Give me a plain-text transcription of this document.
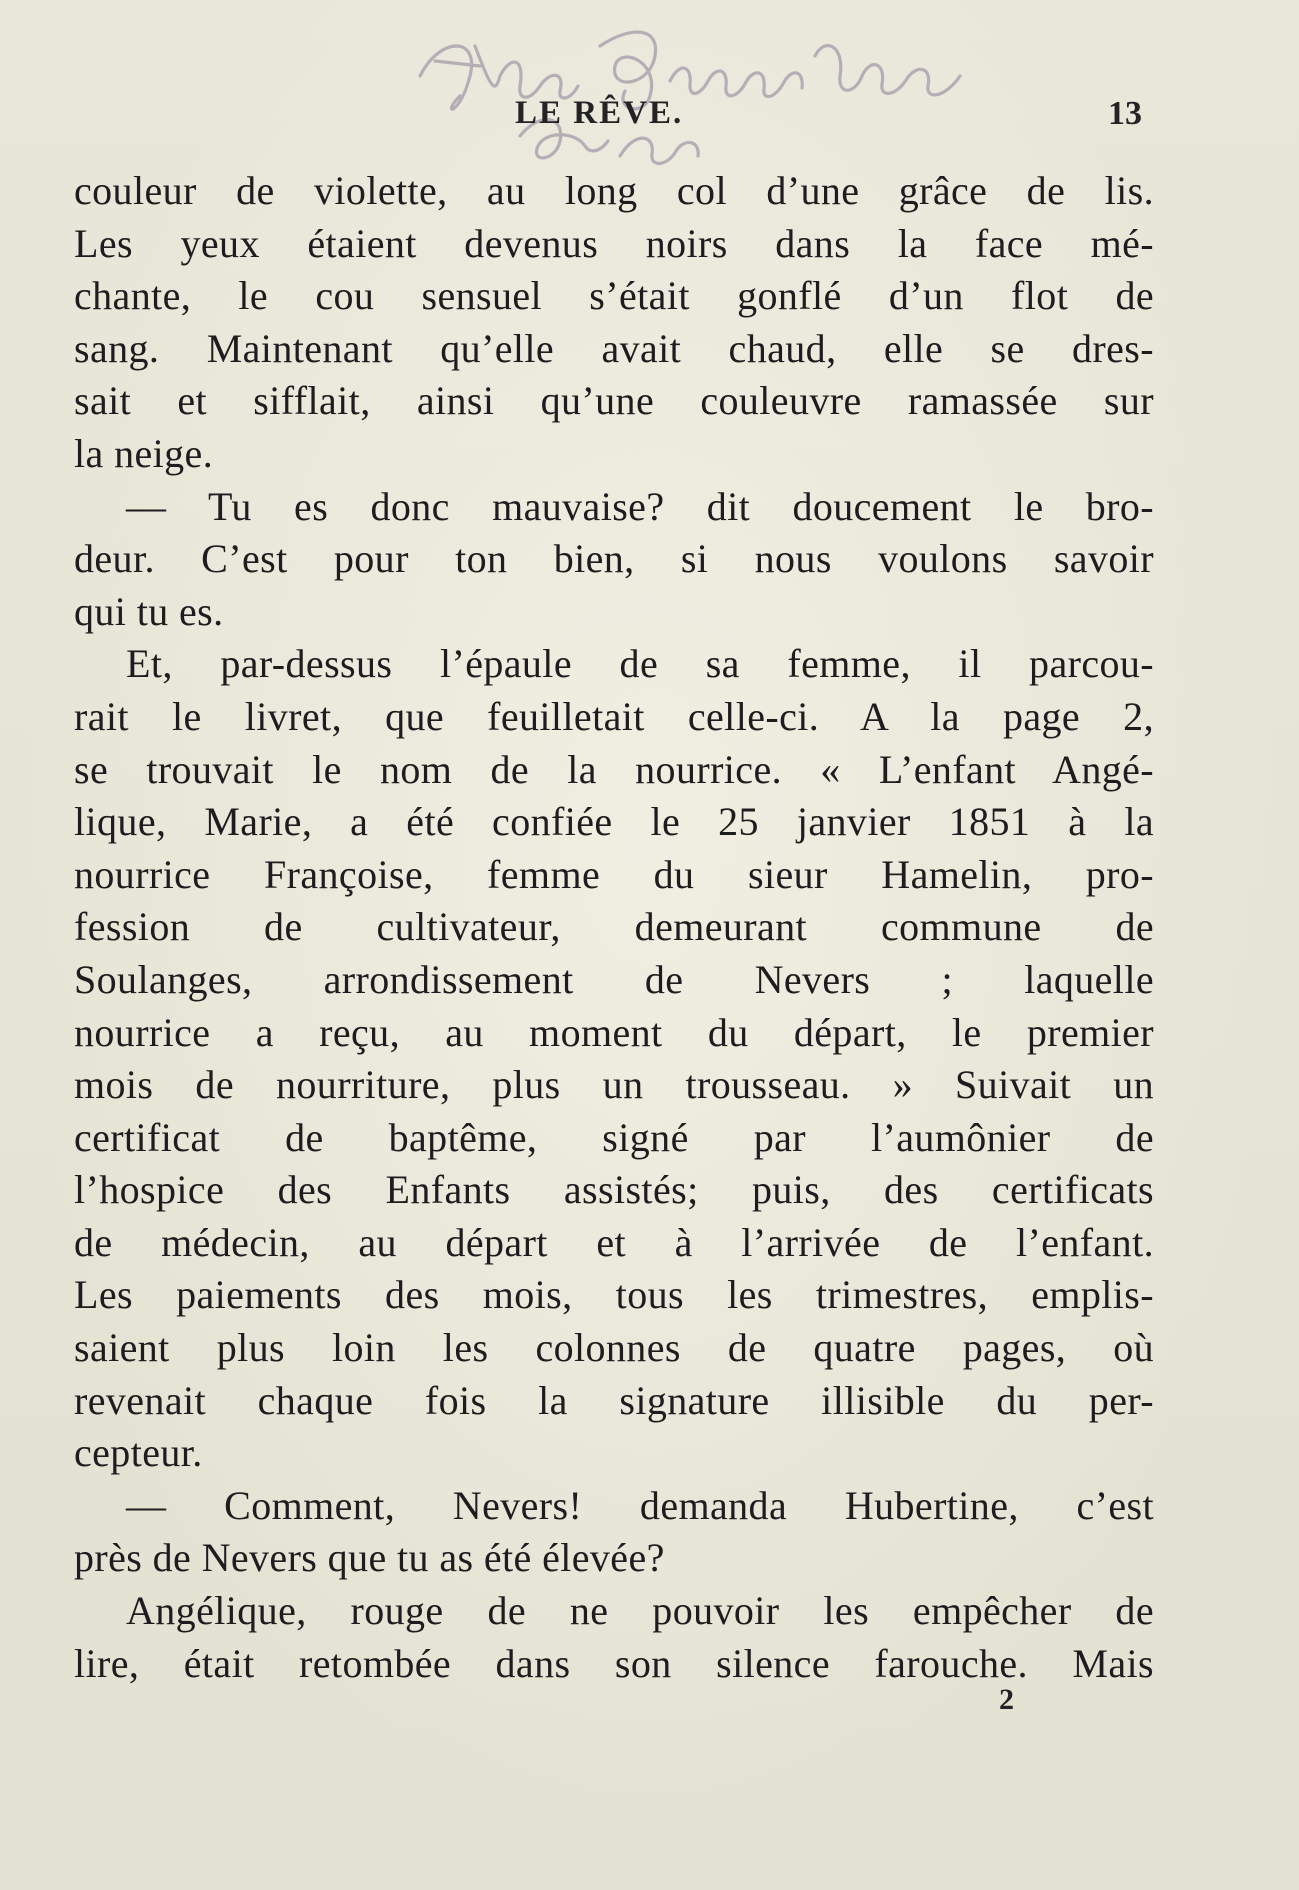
LE RÊVE.	13
couleur de violette, au long col d’une grâce de lis.
Les yeux étaient devenus noirs dans la face mé-
chante, le cou sensuel s’était gonflé d’un flot de
sang. Maintenant qu’elle avait chaud, elle se dres-
sait et sifflait, ainsi qu’une couleuvre ramassée sur
la neige.
— Tu es donc mauvaise? dit doucement le bro-
deur. C’est pour ton bien, si nous voulons savoir
qui tu es.
Et, par-dessus l’épaule de sa femme, il parcou-
rait le livret, que feuilletait celle-ci. A la page 2,
se trouvait le nom de la nourrice. « L’enfant Angé-
lique, Marie, a été confiée le 25 janvier 1851 à la
nourrice Françoise, femme du sieur Hamelin, pro-
fession de cultivateur, demeurant commune de
Soulanges, arrondissement de Nevers ; laquelle
nourrice a reçu, au moment du départ, le premier
mois de nourriture, plus un trousseau. » Suivait un
certificat de baptême, signé par l’aumônier de
l’hospice des Enfants assistés; puis, des certificats
de médecin, au départ et à l’arrivée de l’enfant.
Les paiements des mois, tous les trimestres, emplis-
saient plus loin les colonnes de quatre pages, où
revenait chaque fois la signature illisible du per-
cepteur.
— Comment, Nevers! demanda Hubertine, c’est
près de Nevers que tu as été élevée?
Angélique, rouge de ne pouvoir les empêcher de
lire, était retombée dans son silence farouche. Mais
2
